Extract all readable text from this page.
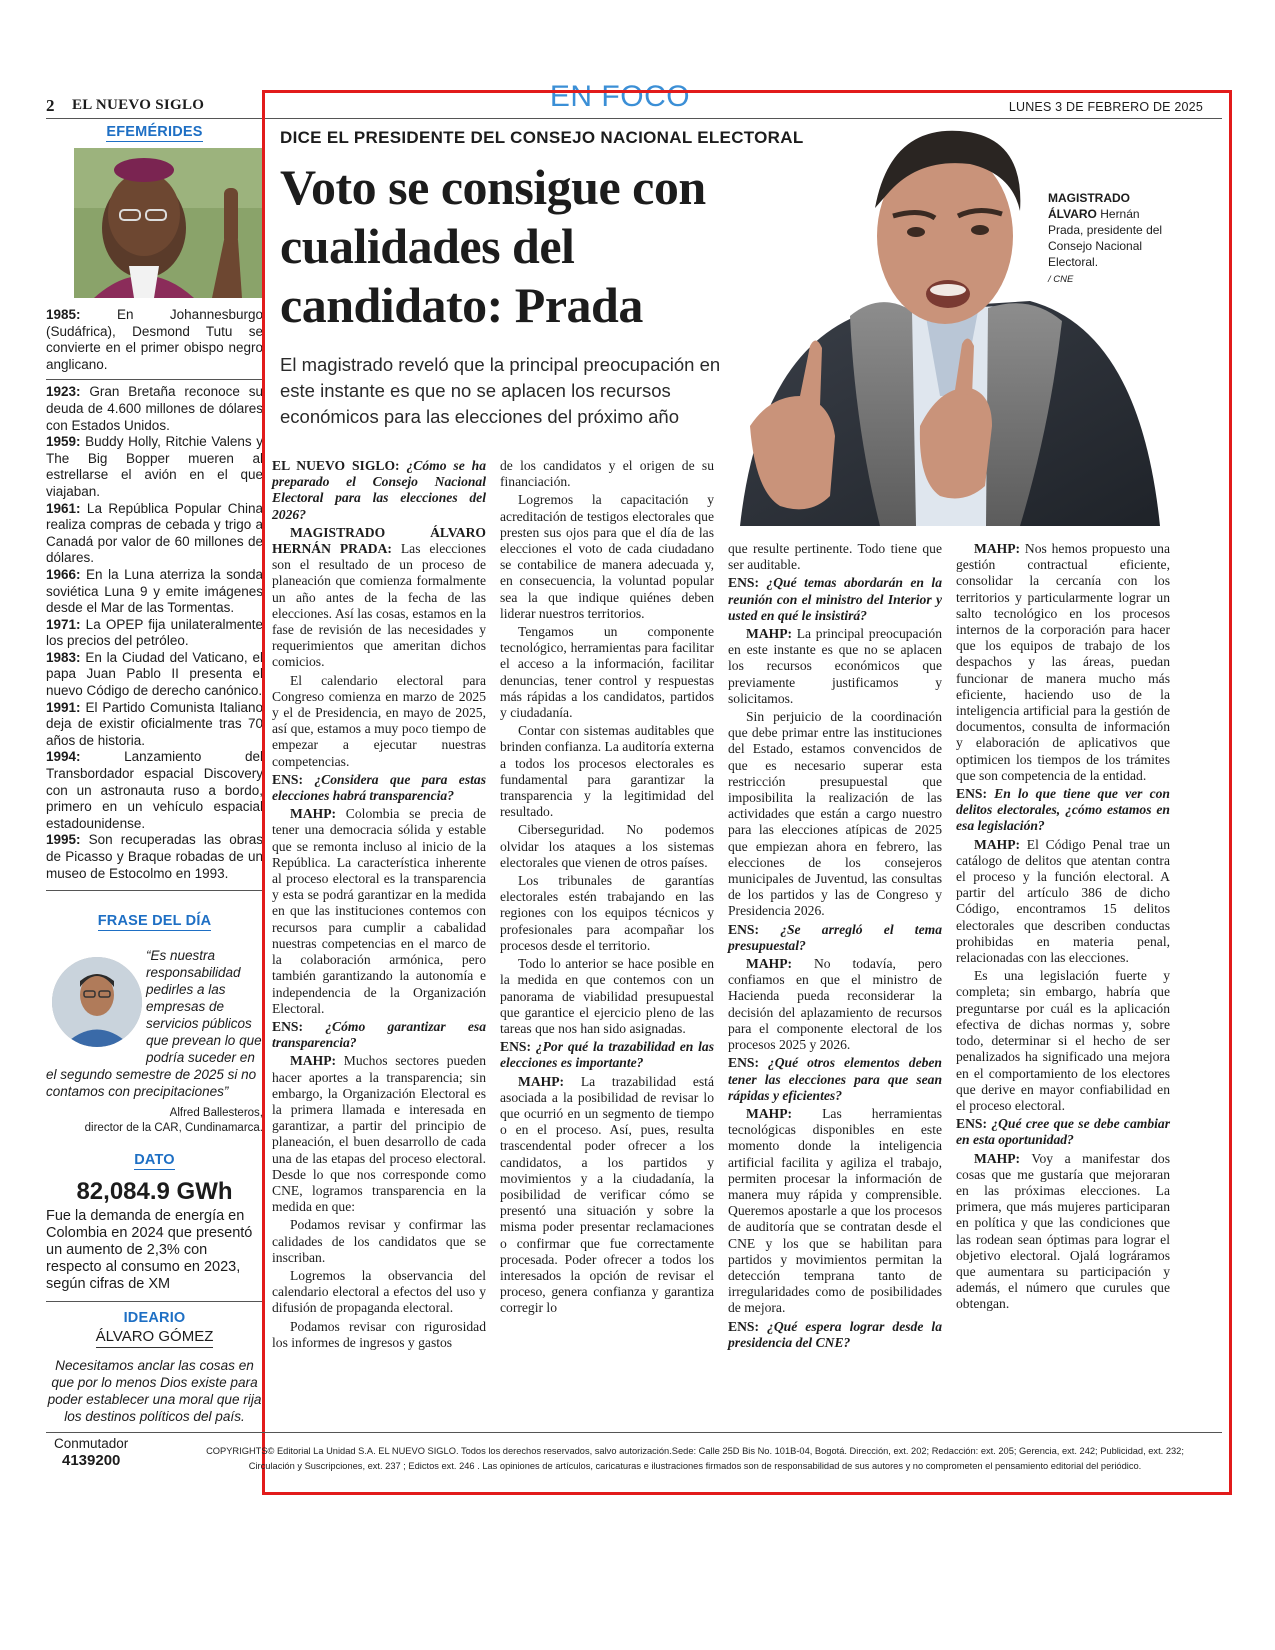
2 EL NUEVO SIGLO	EN FOCO	LUNES 3 DE FEBRERO DE 2025
EFEMÉRIDES
1985: En Johannesburgo (Sudáfrica), Desmond Tutu se convierte en el primer obispo negro anglicano.
1923: Gran Bretaña reconoce su deuda de 4.600 millones de dólares con Estados Unidos.
1959: Buddy Holly, Ritchie Valens y The Big Bopper mueren al estrellarse el avión en el que viajaban.
1961: La República Popular China realiza compras de cebada y trigo a Canadá por valor de 60 millones de dólares.
1966: En la Luna aterriza la sonda soviética Luna 9 y emite imágenes desde el Mar de las Tormentas.
1971: La OPEP fija unilateralmente los precios del petróleo.
1983: En la Ciudad del Vaticano, el papa Juan Pablo II presenta el nuevo Código de derecho canónico.
1991: El Partido Comunista Italiano deja de existir oficialmente tras 70 años de historia.
1994: Lanzamiento del Transbordador espacial Discovery con un astronauta ruso a bordo, primero en un vehículo espacial estadounidense.
1995: Son recuperadas las obras de Picasso y Braque robadas de un museo de Estocolmo en 1993.
FRASE DEL DÍA
“Es nuestra responsabilidad pedirles a las empresas de servicios públicos que prevean lo que podría suceder en el segundo semestre de 2025 si no contamos con precipitaciones”
Alfred Ballesteros,
director de la CAR, Cundinamarca.
DATO
82,084.9 GWh
Fue la demanda de energía en Colombia en 2024 que presentó un aumento de 2,3% con respecto al consumo en 2023, según cifras de XM
IDEARIO
ÁLVARO GÓMEZ
Necesitamos anclar las cosas en que por lo menos Dios existe para poder establecer una moral que rija los destinos políticos del país.
DICE EL PRESIDENTE DEL CONSEJO NACIONAL ELECTORAL
Voto se consigue con cualidades del candidato: Prada
El magistrado reveló que la principal preocupación en este instante es que no se aplacen los recursos económicos para las elecciones del próximo año
MAGISTRADO ÁLVARO Hernán Prada, presidente del Consejo Nacional Electoral.
/ CNE

EL NUEVO SIGLO: ¿Cómo se ha preparado el Consejo Nacional Electoral para las elecciones del 2026?

MAGISTRADO ÁLVARO HERNÁN PRADA: Las elecciones son el resultado de un proceso de planeación que comienza formalmente un año antes de la fecha de las elecciones. Así las cosas, estamos en la fase de revisión de las necesidades y requerimientos que ameritan dichos comicios.

El calendario electoral para Congreso comienza en marzo de 2025 y el de Presidencia, en mayo de 2025, así que, estamos a muy poco tiempo de empezar a ejecutar nuestras competencias.

ENS: ¿Considera que para estas elecciones habrá transparencia?

MAHP: Colombia se precia de tener una democracia sólida y estable que se remonta incluso al inicio de la República. La característica inherente al proceso electoral es la transparencia y esta se podrá garantizar en la medida en que las instituciones contemos con recursos para cumplir a cabalidad nuestras competencias en el marco de la colaboración armónica, pero también garantizando la autonomía e independencia de la Organización Electoral.

ENS: ¿Cómo garantizar esa transparencia?

MAHP: Muchos sectores pueden hacer aportes a la transparencia; sin embargo, la Organización Electoral es la primera llamada e interesada en garantizar, a partir del principio de planeación, el buen desarrollo de cada una de las etapas del proceso electoral. Desde lo que nos corresponde como CNE, logramos transparencia en la medida en que:

Podamos revisar y confirmar las calidades de los candidatos que se inscriban.

Logremos la observancia del calendario electoral a efectos del uso y difusión de propaganda electoral.

Podamos revisar con rigurosidad los informes de ingresos y gastos

de los candidatos y el origen de su financiación.

Logremos la capacitación y acreditación de testigos electorales que presten sus ojos para que el día de las elecciones el voto de cada ciudadano se contabilice de manera adecuada y, en consecuencia, la voluntad popular sea la que indique quiénes deben liderar nuestros territorios.

Tengamos un componente tecnológico, herramientas para facilitar el acceso a la información, facilitar denuncias, tener control y respuestas más rápidas a los candidatos, partidos y ciudadanía.

Contar con sistemas auditables que brinden confianza. La auditoría externa a todos los procesos electorales es fundamental para garantizar la transparencia y la legitimidad del resultado.

Ciberseguridad. No podemos olvidar los ataques a los sistemas electorales que vienen de otros países.

Los tribunales de garantías electorales estén trabajando en las regiones con los equipos técnicos y profesionales para acompañar los procesos desde el territorio.

Todo lo anterior se hace posible en la medida en que contemos con un panorama de viabilidad presupuestal que garantice el ejercicio pleno de las tareas que nos han sido asignadas.

ENS: ¿Por qué la trazabilidad en las elecciones es importante?

MAHP: La trazabilidad está asociada a la posibilidad de revisar lo que ocurrió en un segmento de tiempo o en el proceso. Así, pues, resulta trascendental poder ofrecer a los candidatos, a los partidos y movimientos y a la ciudadanía, la posibilidad de verificar cómo se presentó una situación y sobre la misma poder presentar reclamaciones o confirmar que fue correctamente procesada. Poder ofrecer a todos los interesados la opción de revisar el proceso, genera confianza y garantiza corregir lo

que resulte pertinente. Todo tiene que ser auditable.

ENS: ¿Qué temas abordarán en la reunión con el ministro del Interior y usted en qué le insistirá?

MAHP: La principal preocupación en este instante es que no se aplacen los recursos económicos que previamente justificamos y solicitamos.

Sin perjuicio de la coordinación que debe primar entre las instituciones del Estado, estamos convencidos de que es necesario superar esta restricción presupuestal que imposibilita la realización de las actividades que están a cargo nuestro para las elecciones atípicas de 2025 que empiezan ahora en febrero, las elecciones de los consejeros municipales de Juventud, las consultas de los partidos y las de Congreso y Presidencia 2026.

ENS: ¿Se arregló el tema presupuestal?

MAHP: No todavía, pero confiamos en que el ministro de Hacienda pueda reconsiderar la decisión del aplazamiento de recursos para el componente electoral de los procesos 2025 y 2026.

ENS: ¿Qué otros elementos deben tener las elecciones para que sean rápidas y eficientes?

MAHP: Las herramientas tecnológicas disponibles en este momento donde la inteligencia artificial facilita y agiliza el trabajo, permiten procesar la información de manera muy rápida y comprensible. Queremos apostarle a que los procesos de auditoría que se contratan desde el CNE y los que se habilitan para partidos y movimientos permitan la detección temprana tanto de irregularidades como de posibilidades de mejora.

ENS: ¿Qué espera lograr desde la presidencia del CNE?

MAHP: Nos hemos propuesto una gestión contractual eficiente, consolidar la cercanía con los territorios y particularmente lograr un salto tecnológico en los procesos internos de la corporación para hacer que los equipos de trabajo de los despachos y las áreas, puedan funcionar de manera mucho más eficiente, haciendo uso de la inteligencia artificial para la gestión de documentos, consulta de información y elaboración de aplicativos que optimicen los tiempos de los trámites que son competencia de la entidad.

ENS: En lo que tiene que ver con delitos electorales, ¿cómo estamos en esa legislación?

MAHP: El Código Penal trae un catálogo de delitos que atentan contra el proceso y la función electoral. A partir del artículo 386 de dicho Código, encontramos 15 delitos electorales que describen conductas prohibidas en materia penal, relacionadas con las elecciones.

Es una legislación fuerte y completa; sin embargo, habría que preguntarse por cuál es la aplicación efectiva de dichas normas y, sobre todo, determinar si el hecho de ser penalizados ha significado una mejora en el comportamiento de los electores que derive en mayor confiabilidad en el proceso electoral.

ENS: ¿Qué cree que se debe cambiar en esta oportunidad?

MAHP: Voy a manifestar dos cosas que me gustaría que mejoraran en las próximas elecciones. La primera, que más mujeres participaran en política y que las condiciones que las rodean sean óptimas para lograr el objetivo electoral. Ojalá lográramos que aumentara su participación y además, el número que curules que obtengan.

Conmutador
4139200
COPYRIGHTS© Editorial La Unidad S.A. EL NUEVO SIGLO. Todos los derechos reservados, salvo autorización.Sede: Calle 25D Bis No. 101B-04, Bogotá. Dirección, ext. 202; Redacción: ext. 205; Gerencia, ext. 242; Publicidad, ext. 232;
Circulación y Suscripciones, ext. 237 ; Edictos ext. 246 . Las opiniones de artículos, caricaturas e ilustraciones firmados son de responsabilidad de sus autores y no comprometen el pensamiento editorial del periódico.
